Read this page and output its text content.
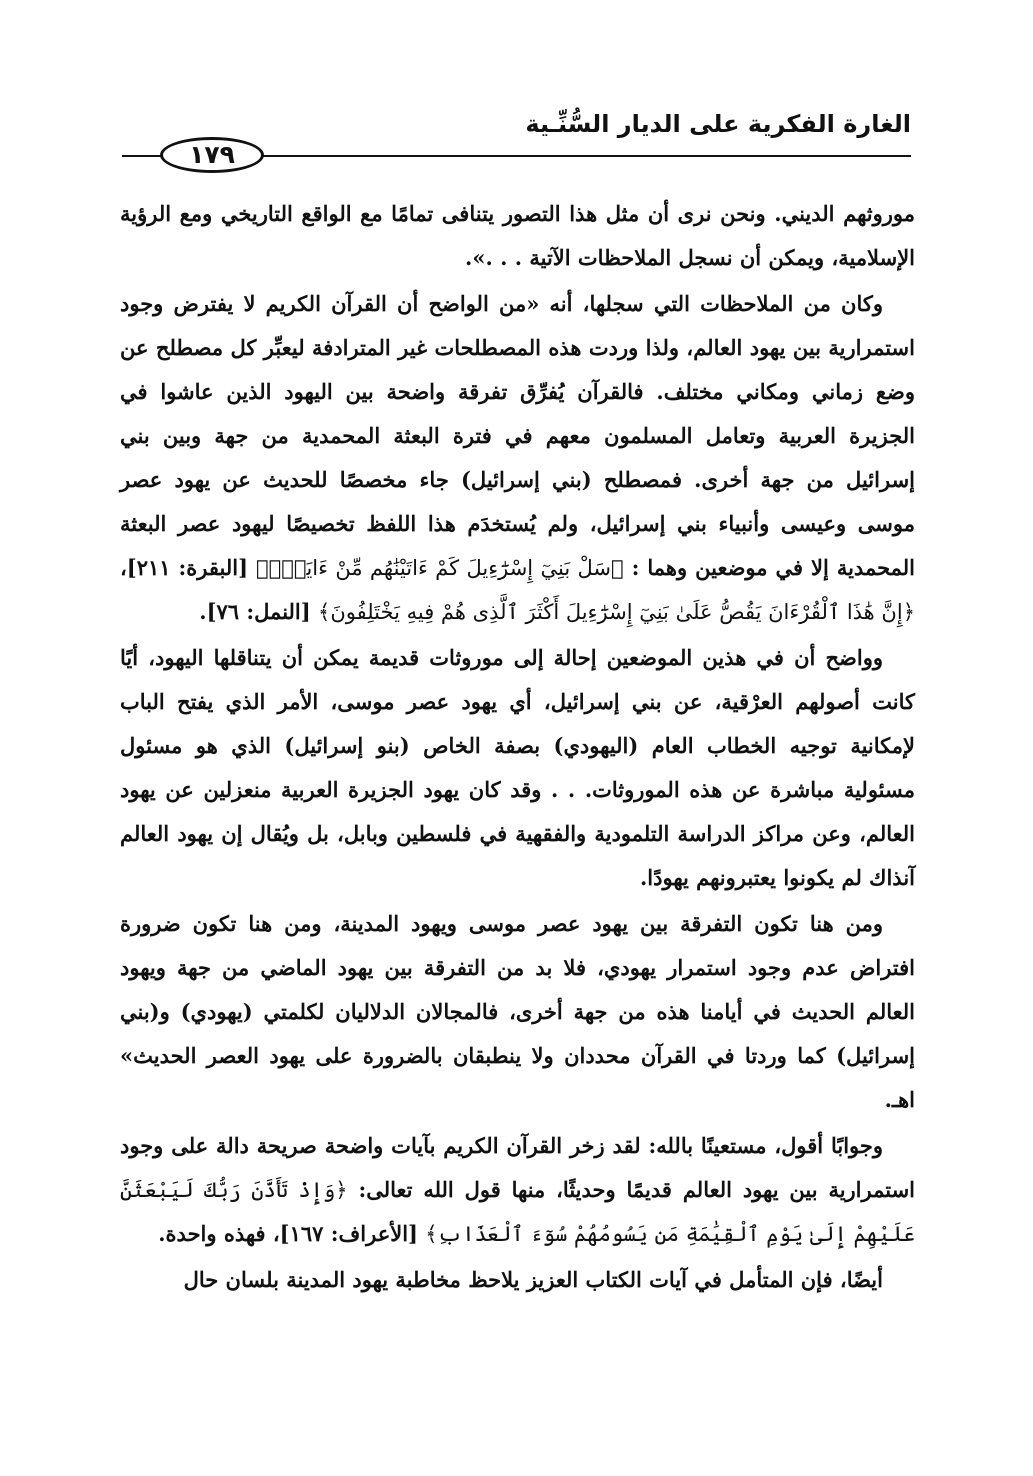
الغارة الفكرية على الديار السُّنِّـية
١٧٩

موروثهم الديني. ونحن نرى أن مثل هذا التصور يتنافى تمامًا مع الواقع التاريخي ومع الرؤية الإسلامية، ويمكن أن نسجل الملاحظات الآتية . . .».

وكان من الملاحظات التي سجلها، أنه «من الواضح أن القرآن الكريم لا يفترض وجود استمرارية بين يهود العالم، ولذا وردت هذه المصطلحات غير المترادفة ليعبِّر كل مصطلح عن وضع زماني ومكاني مختلف. فالقرآن يُفرِّق تفرقة واضحة بين اليهود الذين عاشوا في الجزيرة العربية وتعامل المسلمون معهم في فترة البعثة المحمدية من جهة وبين بني إسرائيل من جهة أخرى. فمصطلح (بني إسرائيل) جاء مخصصًا للحديث عن يهود عصر موسى وعيسى وأنبياء بني إسرائيل، ولم يُستخدَم هذا اللفظ تخصيصًا ليهود عصر البعثة المحمدية إلا في موضعين وهما : ﴿سَلْ بَنِيٓ إِسْرَٰٓءِيلَ كَمْ ءَاتَيْنَٰهُم مِّنْ ءَايَةٍۭ﴾ [البقرة: ٢١١]، ﴿إِنَّ هَٰذَا ٱلْقُرْءَانَ يَقُصُّ عَلَىٰ بَنِيٓ إِسْرَٰٓءِيلَ أَكْثَرَ ٱلَّذِى هُمْ فِيهِ يَخْتَلِفُونَ﴾ [النمل: ٧٦].

وواضح أن في هذين الموضعين إحالة إلى موروثات قديمة يمكن أن يتناقلها اليهود، أيًا كانت أصولهم العرْقية، عن بني إسرائيل، أي يهود عصر موسى، الأمر الذي يفتح الباب لإمكانية توجيه الخطاب العام (اليهودي) بصفة الخاص (بنو إسرائيل) الذي هو مسئول مسئولية مباشرة عن هذه الموروثات. . . وقد كان يهود الجزيرة العربية منعزلين عن يهود العالم، وعن مراكز الدراسة التلمودية والفقهية في فلسطين وبابل، بل ويُقال إن يهود العالم آنذاك لم يكونوا يعتبرونهم يهودًا.

ومن هنا تكون التفرقة بين يهود عصر موسى ويهود المدينة، ومن هنا تكون ضرورة افتراض عدم وجود استمرار يهودي، فلا بد من التفرقة بين يهود الماضي من جهة ويهود العالم الحديث في أيامنا هذه من جهة أخرى، فالمجالان الدلاليان لكلمتي (يهودي) و(بني إسرائيل) كما وردتا في القرآن محددان ولا ينطبقان بالضرورة على يهود العصر الحديث» اهـ.

وجوابًا أقول، مستعينًا بالله: لقد زخر القرآن الكريم بآيات واضحة صريحة دالة على وجود استمرارية بين يهود العالم قديمًا وحديثًا، منها قول الله تعالى: ﴿وَإِذْ تَأَذَّنَ رَبُّكَ لَيَبْعَثَنَّ عَلَيْهِمْ إِلَىٰ يَوْمِ ٱلْقِيَٰمَةِ مَن يَسُومُهُمْ سُوٓءَ ٱلْعَذَابِ﴾ [الأعراف: ١٦٧]، فهذه واحدة.

أيضًا، فإن المتأمل في آيات الكتاب العزيز يلاحظ مخاطبة يهود المدينة بلسان حال
